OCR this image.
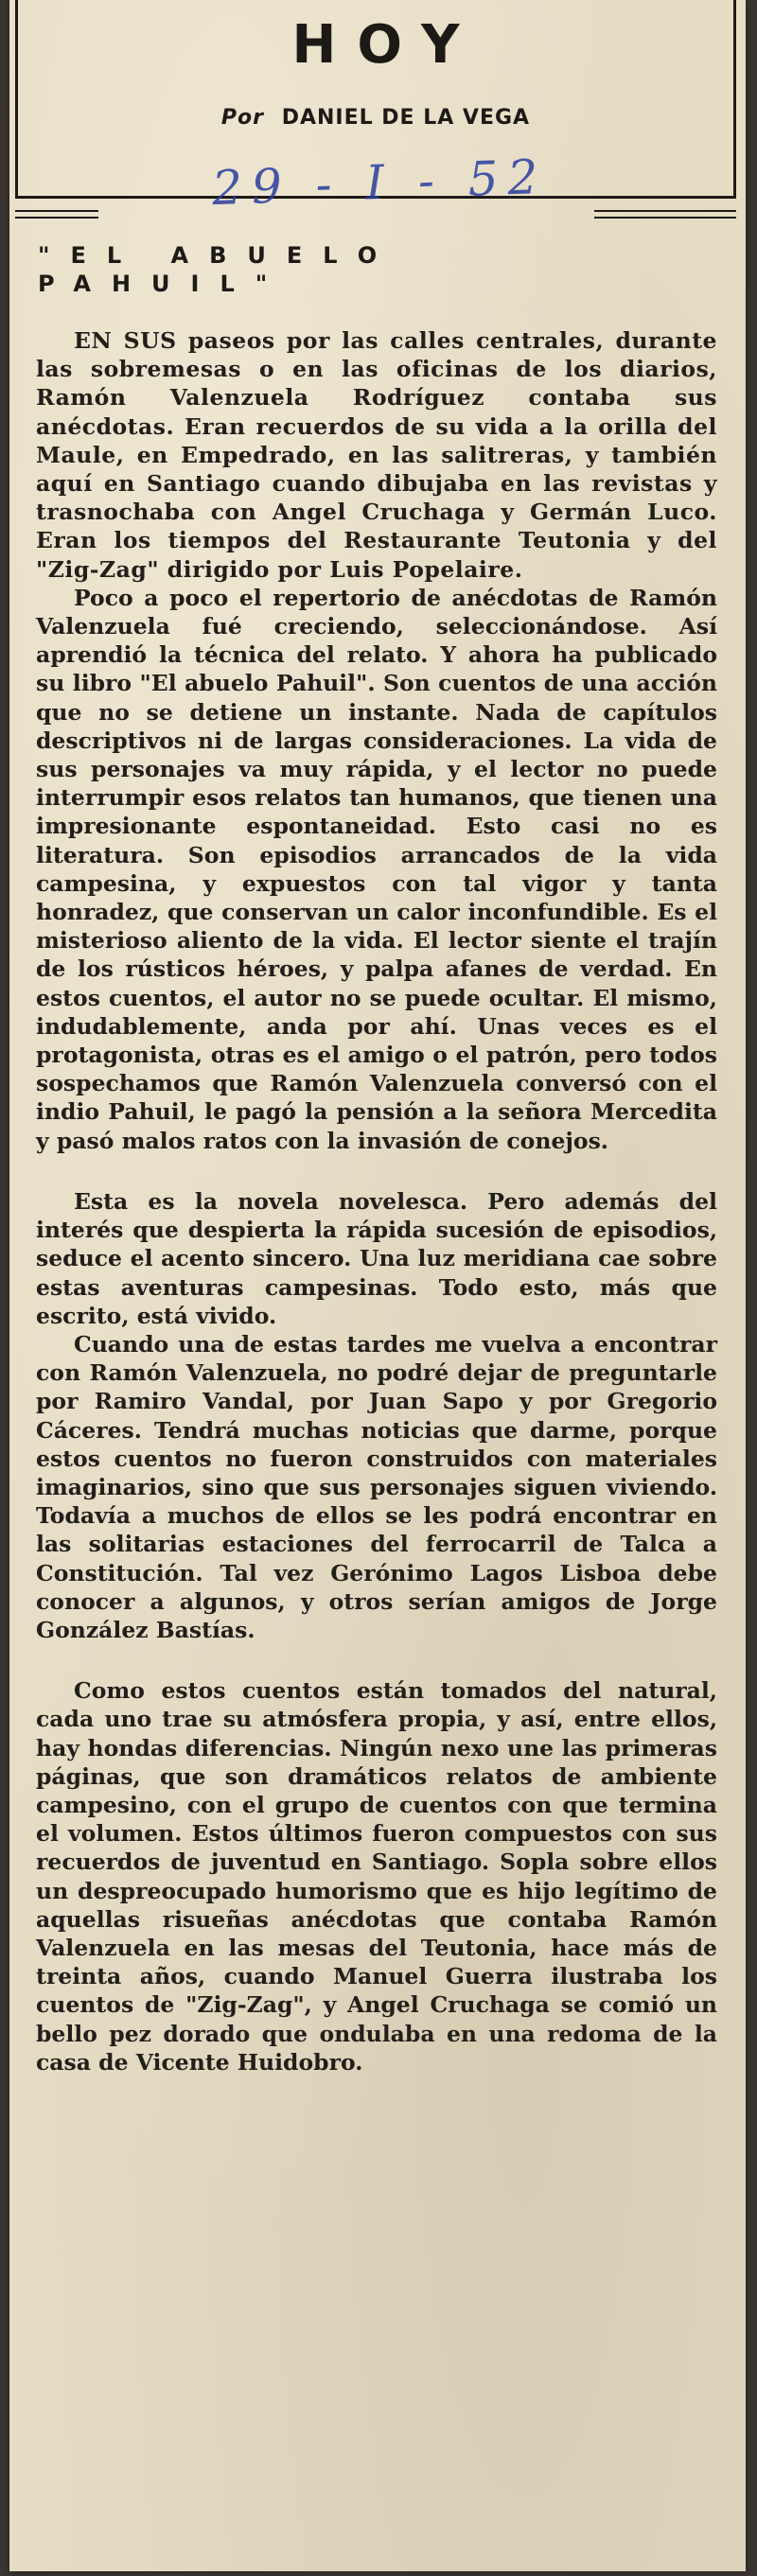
HOY
Por DANIEL DE LA VEGA
29 - I - 52
"EL ABUELO
PAHUIL"

EN SUS paseos por las calles centrales, durante las sobremesas o en las oficinas de los diarios, Ramón Valenzuela Rodríguez contaba sus anécdotas. Eran recuerdos de su vida a la orilla del Maule, en Empedrado, en las salitreras, y también aquí en Santiago cuando dibujaba en las revistas y trasnochaba con Angel Cruchaga y Germán Luco. Eran los tiempos del Restaurante Teutonia y del "Zig-Zag" dirigido por Luis Popelaire.

Poco a poco el repertorio de anécdotas de Ramón Valenzuela fué creciendo, seleccionándose. Así aprendió la técnica del relato. Y ahora ha publicado su libro "El abuelo Pahuil". Son cuentos de una acción que no se detiene un instante. Nada de capítulos descriptivos ni de largas consideraciones. La vida de sus personajes va muy rápida, y el lector no puede interrumpir esos relatos tan humanos, que tienen una impresionante espontaneidad. Esto casi no es literatura. Son episodios arrancados de la vida campesina, y expuestos con tal vigor y tanta honradez, que conservan un calor inconfundible. Es el misterioso aliento de la vida. El lector siente el trajín de los rústicos héroes, y palpa afanes de verdad. En estos cuentos, el autor no se puede ocultar. El mismo, indudablemente, anda por ahí. Unas veces es el protagonista, otras es el amigo o el patrón, pero todos sospechamos que Ramón Valenzuela conversó con el indio Pahuil, le pagó la pensión a la señora Mercedita y pasó malos ratos con la invasión de conejos.

Esta es la novela novelesca. Pero además del interés que despierta la rápida sucesión de episodios, seduce el acento sincero. Una luz meridiana cae sobre estas aventuras campesinas. Todo esto, más que escrito, está vivido.

Cuando una de estas tardes me vuelva a encontrar con Ramón Valenzuela, no podré dejar de preguntarle por Ramiro Vandal, por Juan Sapo y por Gregorio Cáceres. Tendrá muchas noticias que darme, porque estos cuentos no fueron construidos con materiales imaginarios, sino que sus personajes siguen viviendo. Todavía a muchos de ellos se les podrá encontrar en las solitarias estaciones del ferrocarril de Talca a Constitución. Tal vez Gerónimo Lagos Lisboa debe conocer a algunos, y otros serían amigos de Jorge González Bastías.

Como estos cuentos están tomados del natural, cada uno trae su atmósfera propia, y así, entre ellos, hay hondas diferencias. Ningún nexo une las primeras páginas, que son dramáticos relatos de ambiente campesino, con el grupo de cuentos con que termina el volumen. Estos últimos fueron compuestos con sus recuerdos de juventud en Santiago. Sopla sobre ellos un despreocupado humorismo que es hijo legítimo de aquellas risueñas anécdotas que contaba Ramón Valenzuela en las mesas del Teutonia, hace más de treinta años, cuando Manuel Guerra ilustraba los cuentos de "Zig-Zag", y Angel Cruchaga se comió un bello pez dorado que ondulaba en una redoma de la casa de Vicente Huidobro.
